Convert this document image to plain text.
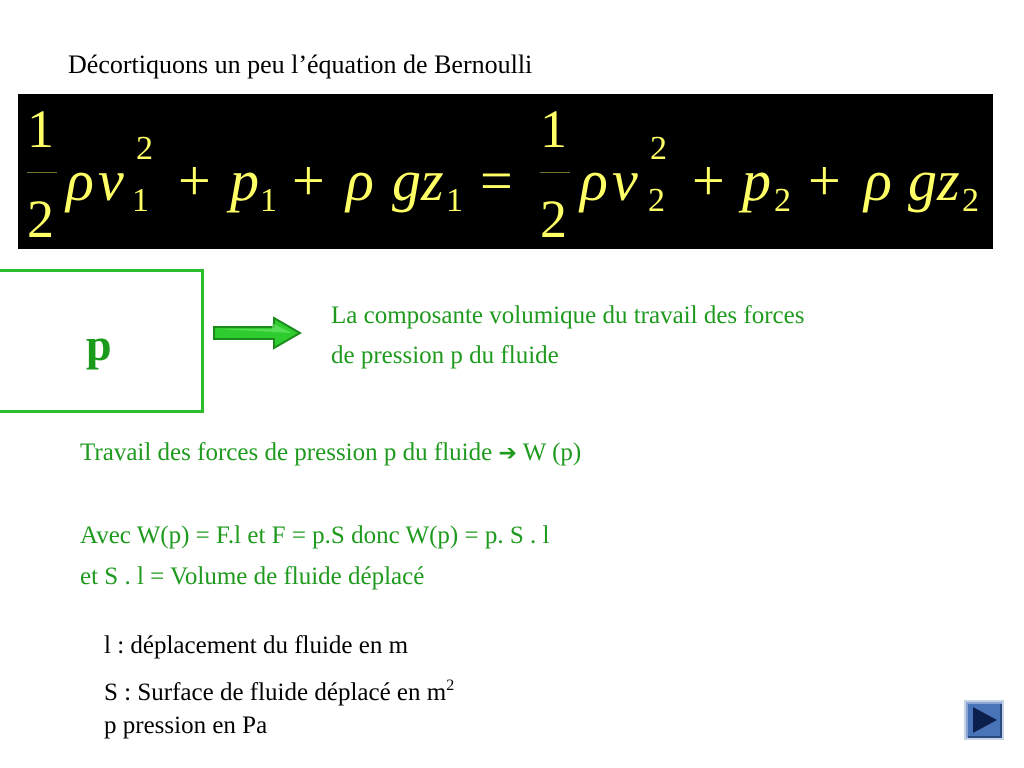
Décortiquons un peu l’équation de Bernoulli
1
2
ρ v 2
1 + p 1 + ρ gz 1 =
1
2
ρ v 2
2 + p 2 + ρ gz 2
p
La composante volumique du travail des forces
de pression p du fluide
Travail des forces de pression p du fluide ➔ W (p)
Avec W(p) = F.l et F = p.S donc W(p) = p. S . l
et S . l = Volume de fluide déplacé
l : déplacement du fluide en m
S : Surface de fluide déplacé en $m^2$
p pression en Pa
